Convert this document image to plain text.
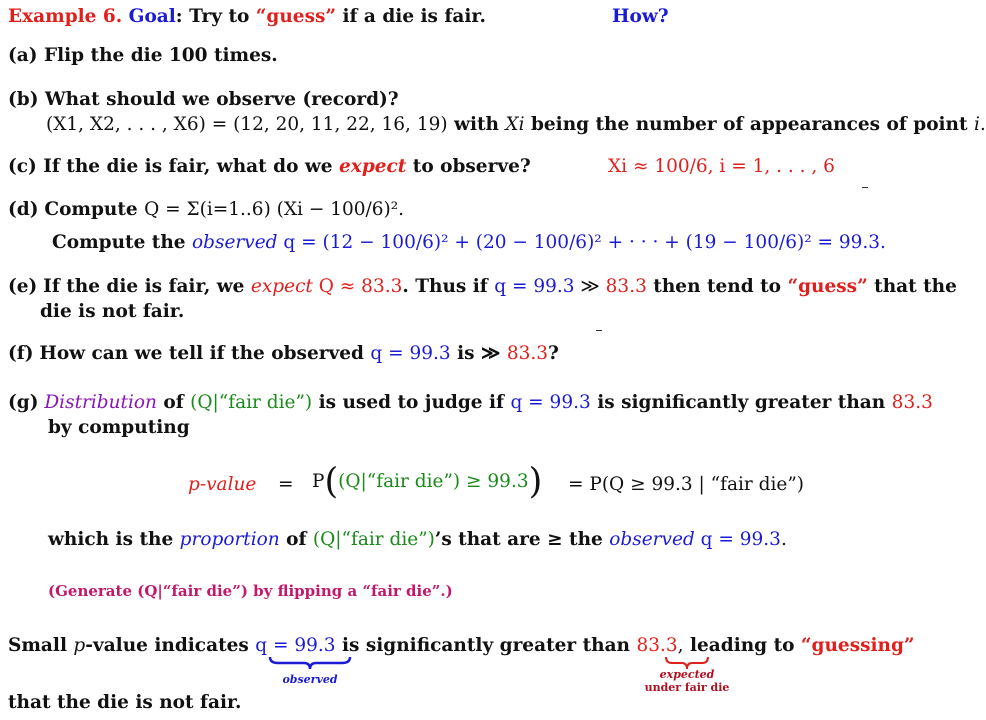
Example 6. Goal: Try to “guess” if a die is fair.	How?
(a) Flip the die 100 times.
(b) What should we observe (record)?
(X1, X2, . . . , X6) = (12, 20, 11, 22, 16, 19) with Xi being the number of appearances of point i.
(c) If the die is fair, what do we expect to observe?	Xi ≈ 100/6, i = 1, . . . , 6
(d) Compute Q = Σ(i=1..6) (Xi − 100/6)².
Compute the observed q = (12 − 100/6)² + (20 − 100/6)² + · · · + (19 − 100/6)² = 99.3.
(e) If the die is fair, we expect Q ≈ 83.3. Thus if q = 99.3 ≫ 83.3 then tend to “guess” that the
die is not fair.
(f) How can we tell if the observed q = 99.3 is ≫ 83.3?
(g) Distribution of (Q|“fair die”) is used to judge if q = 99.3 is significantly greater than 83.3
by computing
p-value = P((Q|“fair die”) ≥ 99.3) = P(Q ≥ 99.3 | “fair die”)
which is the proportion of (Q|“fair die”)’s that are ≥ the observed q = 99.3.
(Generate (Q|“fair die”) by flipping a “fair die”.)
Small p-value indicates q = 99.3 is significantly greater than 83.3, leading to “guessing”
observed	expected
under fair die
that the die is not fair.
